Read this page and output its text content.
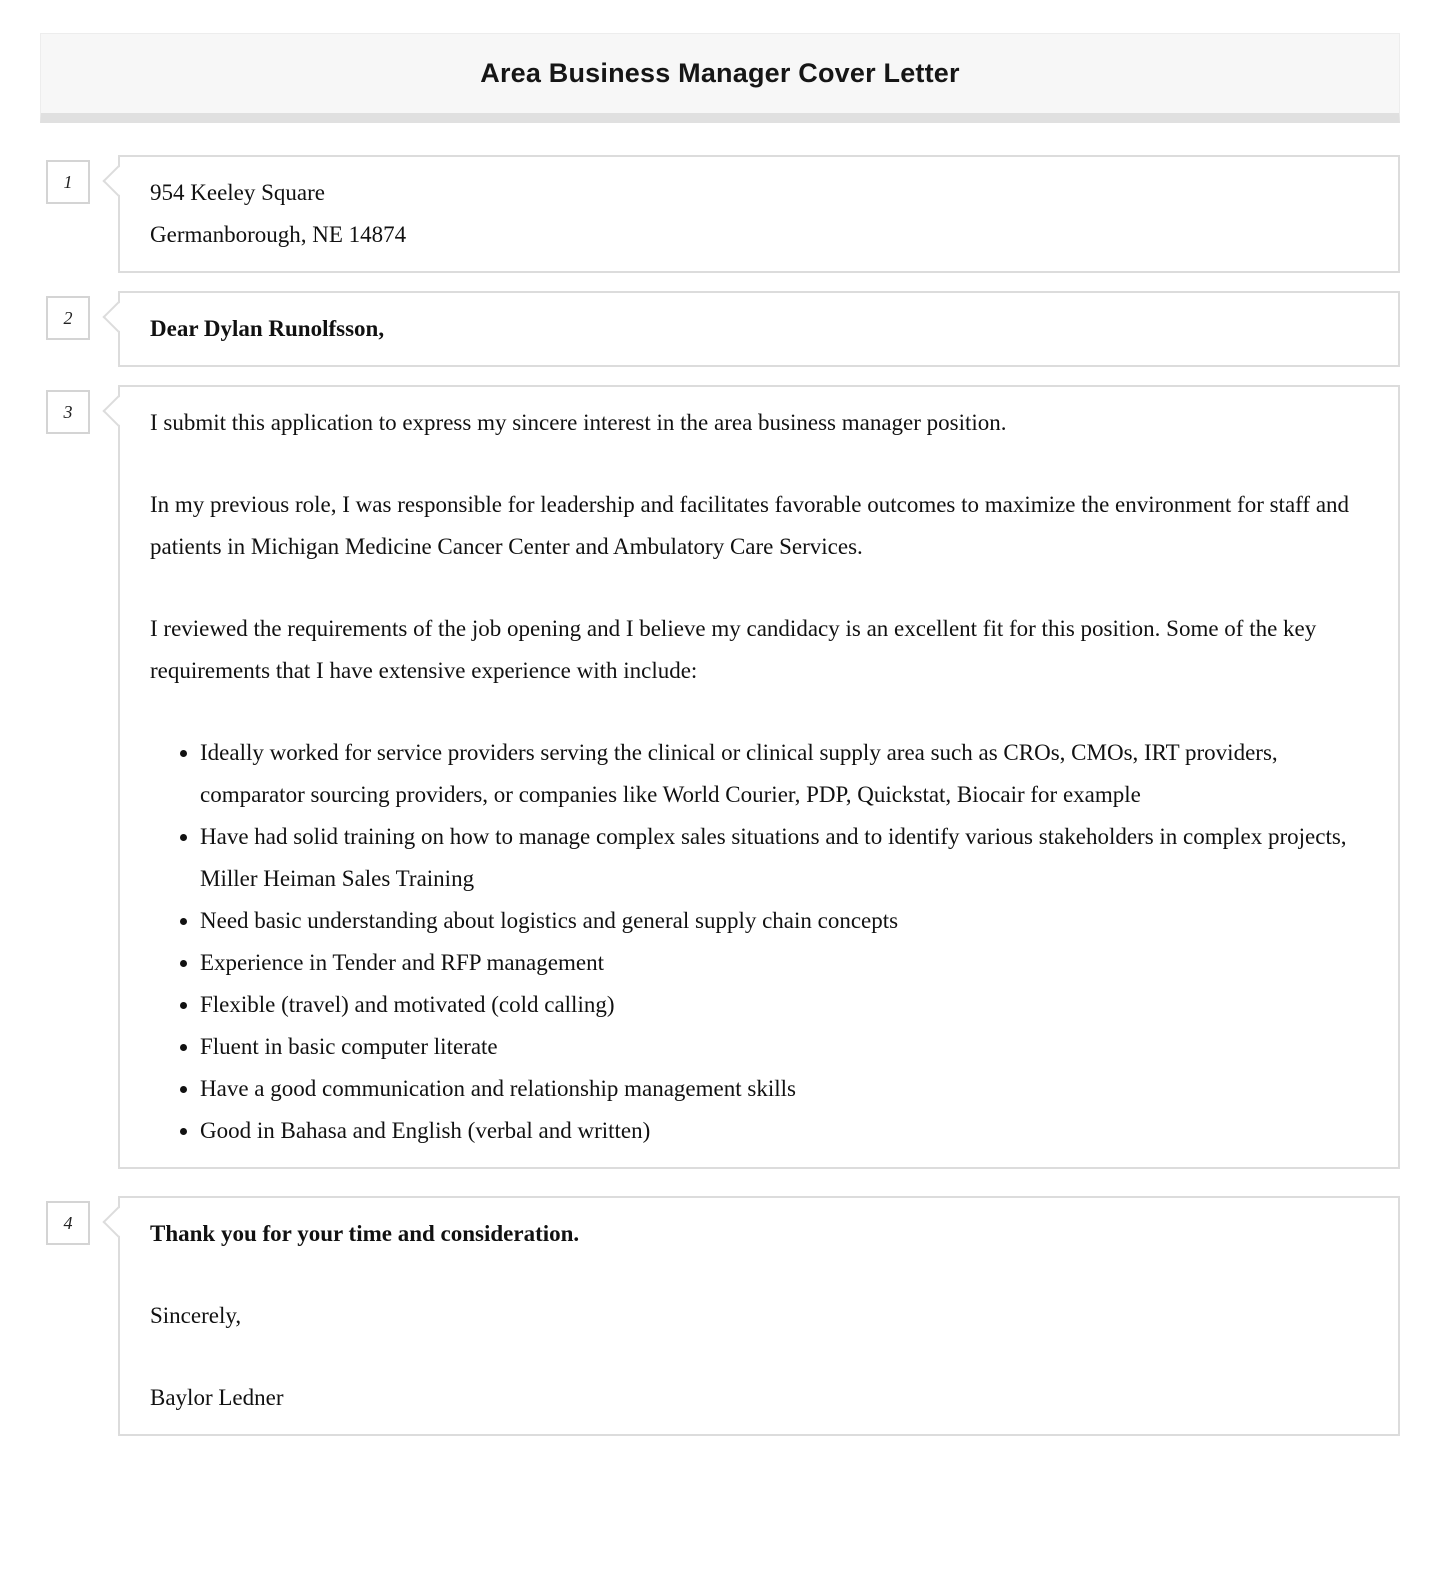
Area Business Manager Cover Letter
1	954 Keeley Square
Germanborough, NE 14874
2	Dear Dylan Runolfsson,
3	I submit this application to express my sincere interest in the area business manager position.

In my previous role, I was responsible for leadership and facilitates favorable outcomes to maximize the environment for staff and patients in Michigan Medicine Cancer Center and Ambulatory Care Services.

I reviewed the requirements of the job opening and I believe my candidacy is an excellent fit for this position. Some of the key requirements that I have extensive experience with include:

• Ideally worked for service providers serving the clinical or clinical supply area such as CROs, CMOs, IRT providers, comparator sourcing providers, or companies like World Courier, PDP, Quickstat, Biocair for example
• Have had solid training on how to manage complex sales situations and to identify various stakeholders in complex projects, Miller Heiman Sales Training
• Need basic understanding about logistics and general supply chain concepts
• Experience in Tender and RFP management
• Flexible (travel) and motivated (cold calling)
• Fluent in basic computer literate
• Have a good communication and relationship management skills
• Good in Bahasa and English (verbal and written)
4	Thank you for your time and consideration.

Sincerely,

Baylor Ledner
